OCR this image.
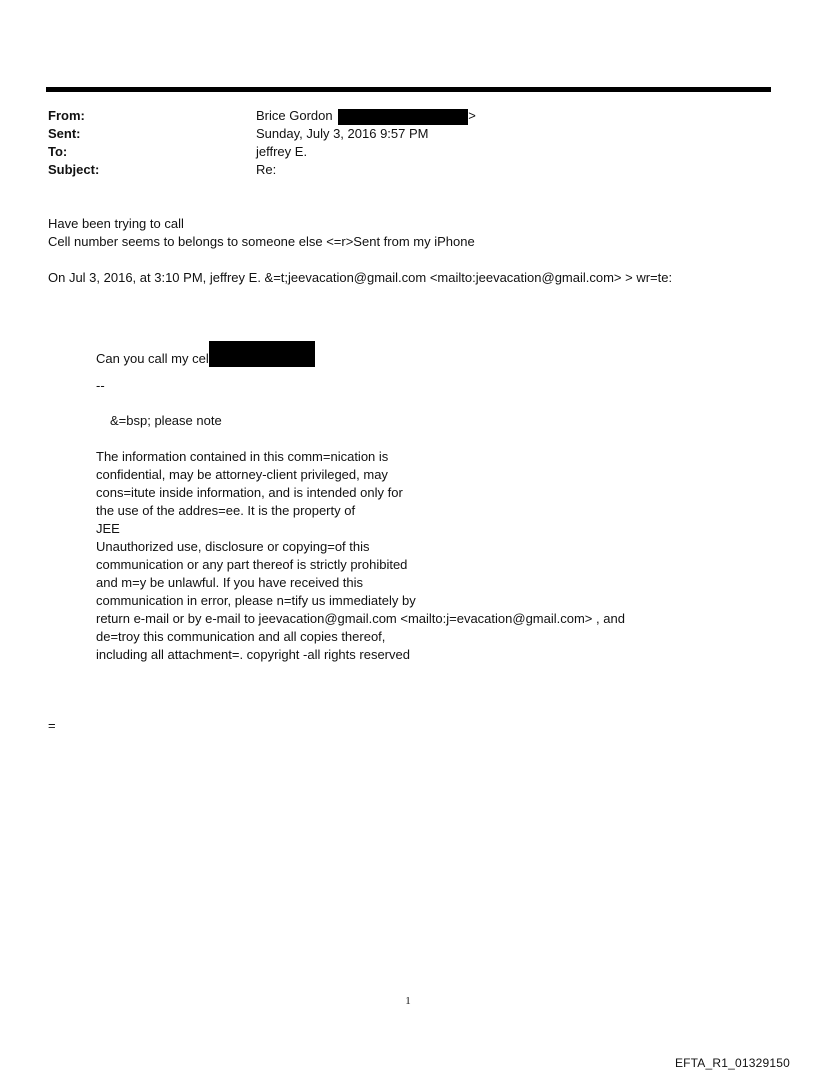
From:	Brice Gordon	>
Sent:	Sunday, July 3, 2016 9:57 PM
To:	jeffrey E.
Subject:	Re:
Have been trying to call
Cell number seems to belongs to someone else <=r>Sent from my iPhone
On Jul 3, 2016, at 3:10 PM, jeffrey E. &=t;jeevacation@gmail.com <mailto:jeevacation@gmail.com> > wr=te:
Can you call my cel
--
&=bsp; please note
The information contained in this comm=nication is
confidential, may be attorney-client privileged, may
cons=itute inside information, and is intended only for
the use of the addres=ee. It is the property of
JEE
Unauthorized use, disclosure or copying=of this
communication or any part thereof is strictly prohibited
and m=y be unlawful. If you have received this
communication in error, please n=tify us immediately by
return e-mail or by e-mail to jeevacation@gmail.com <mailto:j=evacation@gmail.com> , and
de=troy this communication and all copies thereof,
including all attachment=. copyright -all rights reserved
=
1
EFTA_R1_01329150
